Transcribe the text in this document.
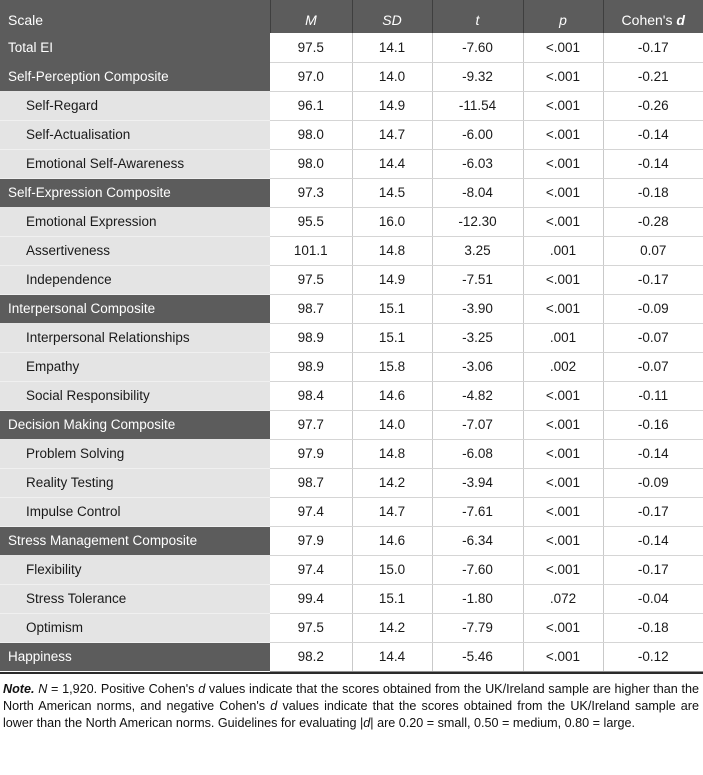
Scale	M	SD	t	p	Cohen's d
Total EI	97.5	14.1	-7.60	<.001	-0.17
Self-Perception Composite	97.0	14.0	-9.32	<.001	-0.21
Self-Regard	96.1	14.9	-11.54	<.001	-0.26
Self-Actualisation	98.0	14.7	-6.00	<.001	-0.14
Emotional Self-Awareness	98.0	14.4	-6.03	<.001	-0.14
Self-Expression Composite	97.3	14.5	-8.04	<.001	-0.18
Emotional Expression	95.5	16.0	-12.30	<.001	-0.28
Assertiveness	101.1	14.8	3.25	.001	0.07
Independence	97.5	14.9	-7.51	<.001	-0.17
Interpersonal Composite	98.7	15.1	-3.90	<.001	-0.09
Interpersonal Relationships	98.9	15.1	-3.25	.001	-0.07
Empathy	98.9	15.8	-3.06	.002	-0.07
Social Responsibility	98.4	14.6	-4.82	<.001	-0.11
Decision Making Composite	97.7	14.0	-7.07	<.001	-0.16
Problem Solving	97.9	14.8	-6.08	<.001	-0.14
Reality Testing	98.7	14.2	-3.94	<.001	-0.09
Impulse Control	97.4	14.7	-7.61	<.001	-0.17
Stress Management Composite	97.9	14.6	-6.34	<.001	-0.14
Flexibility	97.4	15.0	-7.60	<.001	-0.17
Stress Tolerance	99.4	15.1	-1.80	.072	-0.04
Optimism	97.5	14.2	-7.79	<.001	-0.18
Happiness	98.2	14.4	-5.46	<.001	-0.12
Note. N = 1,920. Positive Cohen's d values indicate that the scores obtained from the UK/Ireland sample are higher than the North American norms, and negative Cohen's d values indicate that the scores obtained from the UK/Ireland sample are lower than the North American norms. Guidelines for evaluating |d| are 0.20 = small, 0.50 = medium, 0.80 = large.
